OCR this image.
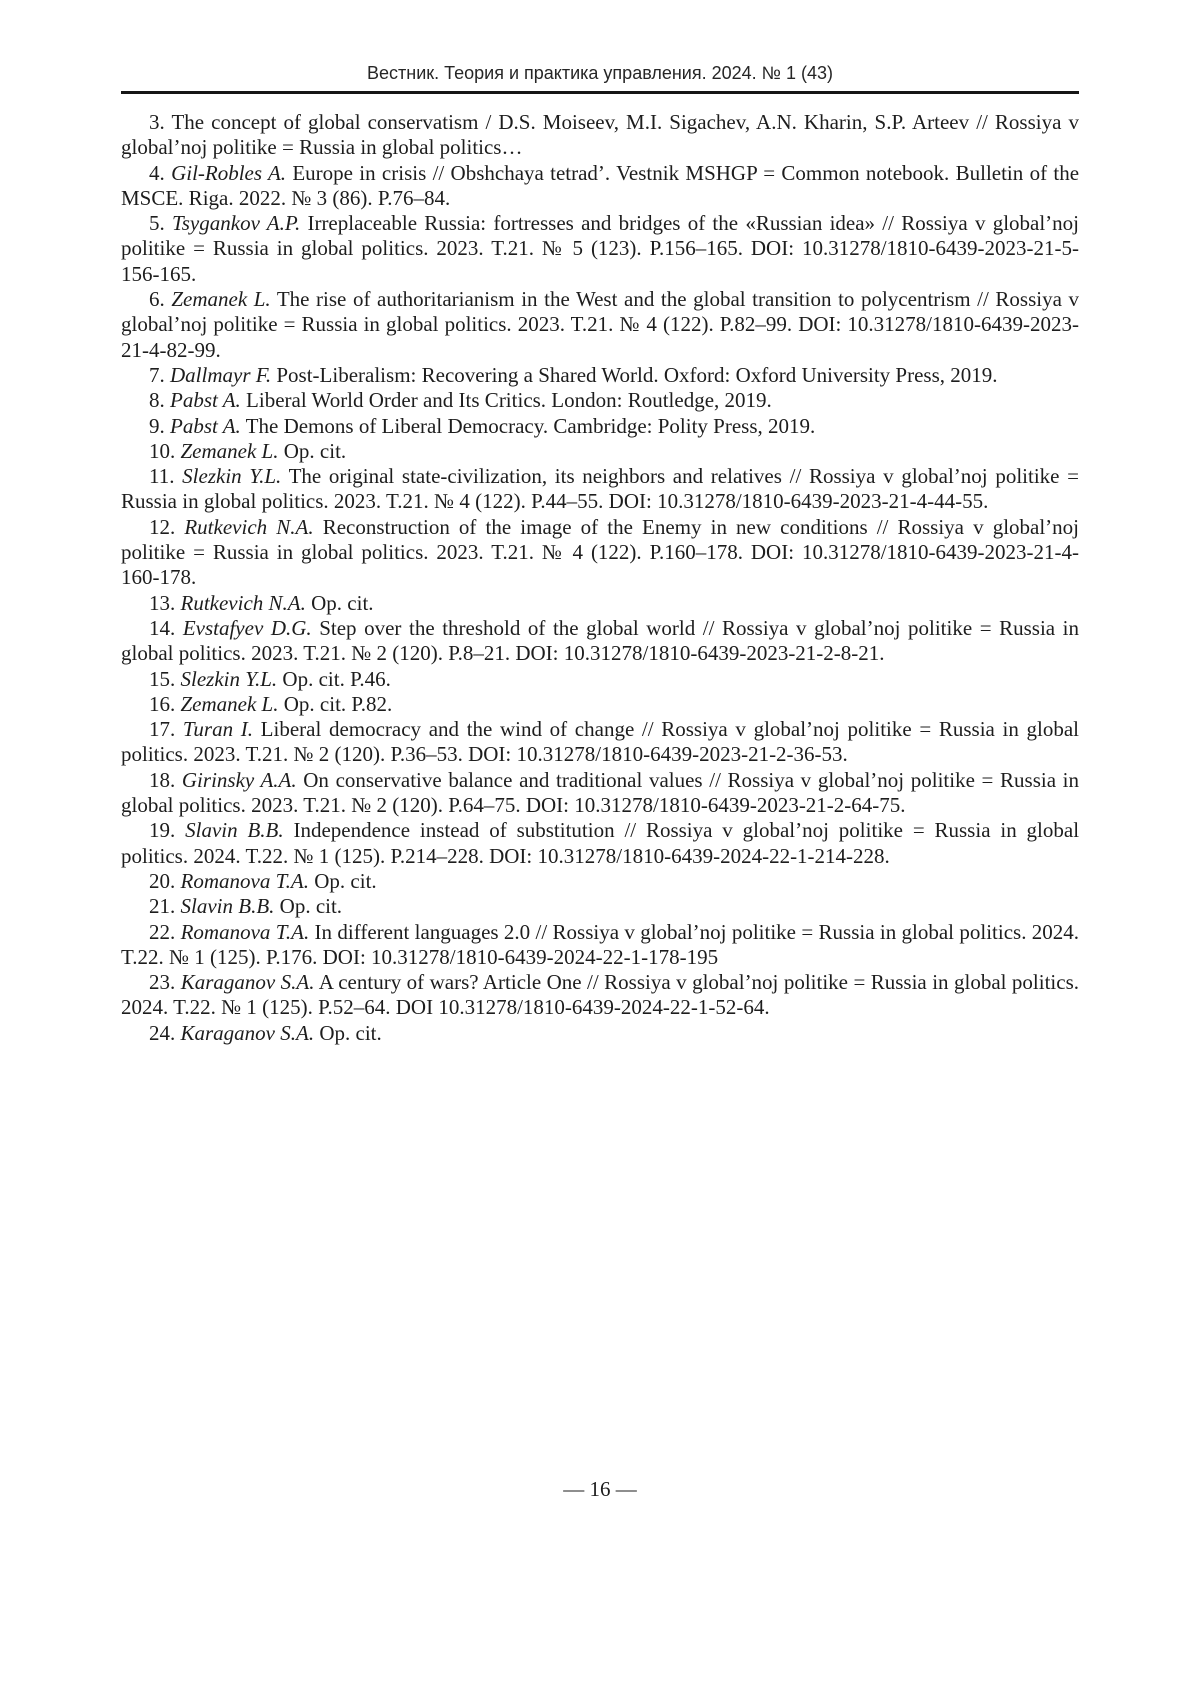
Вестник. Теория и практика управления. 2024. № 1 (43)

3. The concept of global conservatism / D.S. Moiseev, M.I. Sigachev, A.N. Kharin, S.P. Arteev // Rossiya v global’noj politike = Russia in global politics…

4. Gil-Robles A. Europe in crisis // Obshchaya tetrad’. Vestnik MSHGP = Common notebook. Bulletin of the MSCE. Riga. 2022. № 3 (86). P.76–84.

5. Tsygankov A.P. Irreplaceable Russia: fortresses and bridges of the «Russian idea» // Rossiya v global’noj politike = Russia in global politics. 2023. T.21. № 5 (123). P.156–165. DOI: 10.31278/1810-6439-2023-21-5-156-165.

6. Zemanek L. The rise of authoritarianism in the West and the global transition to polycentrism // Rossiya v global’noj politike = Russia in global politics. 2023. T.21. № 4 (122). P.82–99. DOI: 10.31278/1810-6439-2023-21-4-82-99.

7. Dallmayr F. Post-Liberalism: Recovering a Shared World. Oxford: Oxford University Press, 2019.

8. Pabst A. Liberal World Order and Its Critics. London: Routledge, 2019.

9. Pabst A. The Demons of Liberal Democracy. Cambridge: Polity Press, 2019.

10. Zemanek L. Op. cit.

11. Slezkin Y.L. The original state-civilization, its neighbors and relatives // Rossiya v global’noj politike = Russia in global politics. 2023. T.21. № 4 (122). P.44–55. DOI: 10.31278/1810-6439-2023-21-4-44-55.

12. Rutkevich N.A. Reconstruction of the image of the Enemy in new conditions // Rossiya v global’noj politike = Russia in global politics. 2023. T.21. № 4 (122). P.160–178. DOI: 10.31278/1810-6439-2023-21-4-160-178.

13. Rutkevich N.A. Op. cit.

14. Evstafyev D.G. Step over the threshold of the global world // Rossiya v global’noj politike = Russia in global politics. 2023. T.21. № 2 (120). P.8–21. DOI: 10.31278/1810-6439-2023-21-2-8-21.

15. Slezkin Y.L. Op. cit. P.46.

16. Zemanek L. Op. cit. P.82.

17. Turan I. Liberal democracy and the wind of change // Rossiya v global’noj politike = Russia in global politics. 2023. T.21. № 2 (120). P.36–53. DOI: 10.31278/1810-6439-2023-21-2-36-53.

18. Girinsky A.A. On conservative balance and traditional values // Rossiya v global’noj politike = Russia in global politics. 2023. T.21. № 2 (120). P.64–75. DOI: 10.31278/1810-6439-2023-21-2-64-75.

19. Slavin B.B. Independence instead of substitution // Rossiya v global’noj politike = Russia in global politics. 2024. T.22. № 1 (125). P.214–228. DOI: 10.31278/1810-6439-2024-22-1-214-228.

20. Romanova T.A. Op. cit.

21. Slavin B.B. Op. cit.

22. Romanova T.A. In different languages 2.0 // Rossiya v global’noj politike = Russia in global politics. 2024. T.22. № 1 (125). P.176. DOI: 10.31278/1810-6439-2024-22-1-178-195

23. Karaganov S.A. A century of wars? Article One // Rossiya v global’noj politike = Russia in global politics. 2024. T.22. № 1 (125). P.52–64. DOI 10.31278/1810-6439-2024-22-1-52-64.

24. Karaganov S.A. Op. cit.

— 16 —
